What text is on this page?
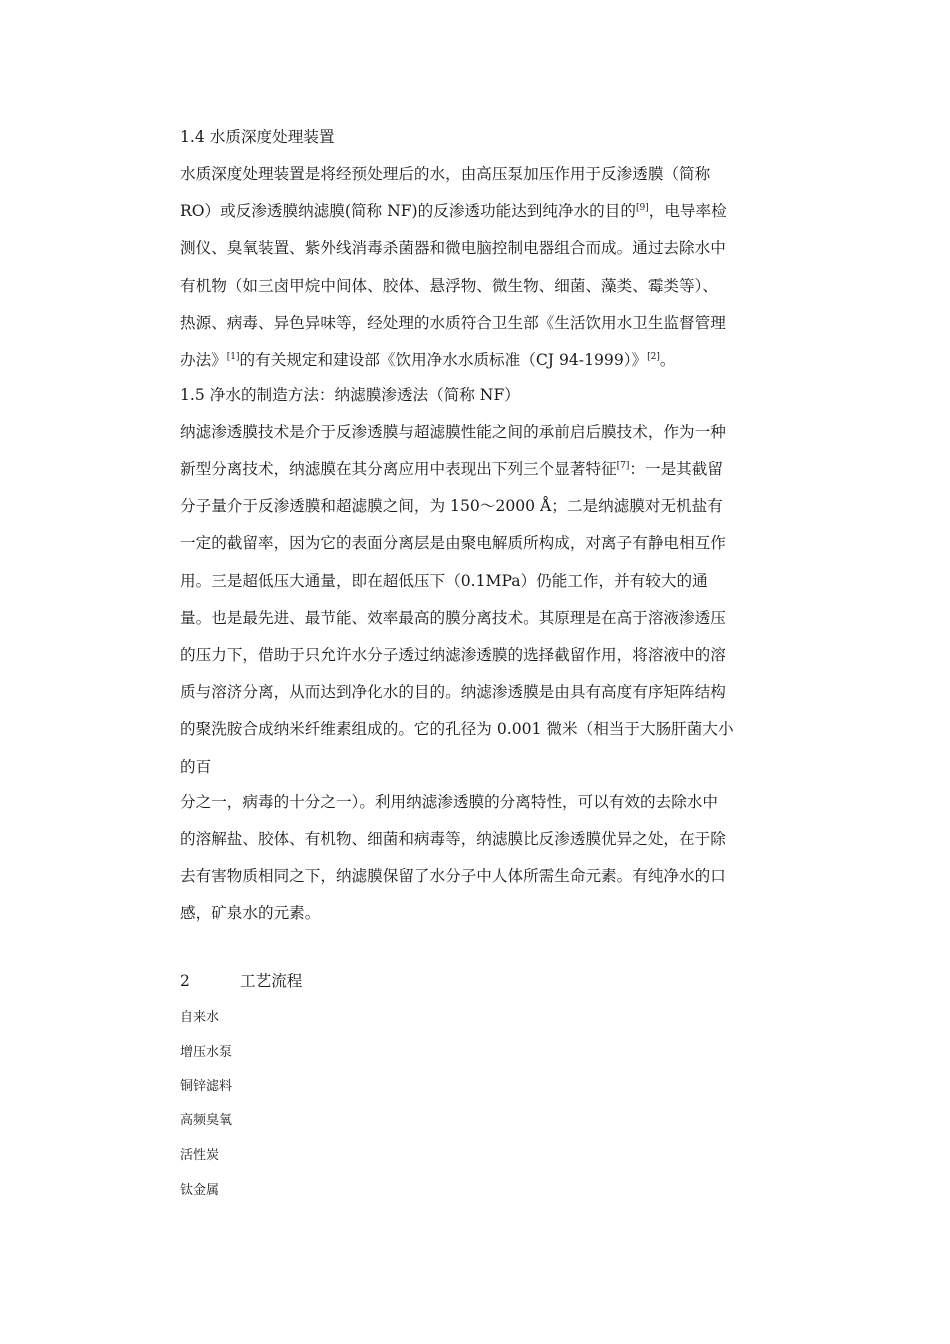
1.4 水质深度处理装置
水质深度处理装置是将经预处理后的水，由高压泵加压作用于反渗透膜（简称
RO）或反渗透膜纳滤膜(简称 NF)的反渗透功能达到纯净水的目的[9]，电导率检
测仪、臭氧装置、紫外线消毒杀菌器和微电脑控制电器组合而成。通过去除水中
有机物（如三卤甲烷中间体、胶体、悬浮物、微生物、细菌、藻类、霉类等）、
热源、病毒、异色异味等，经处理的水质符合卫生部《生活饮用水卫生监督管理
办法》[1]的有关规定和建设部《饮用净水水质标准（CJ 94-1999）》[2]。
1.5 净水的制造方法：纳滤膜渗透法（简称 NF）
纳滤渗透膜技术是介于反渗透膜与超滤膜性能之间的承前启后膜技术，作为一种
新型分离技术，纳滤膜在其分离应用中表现出下列三个显著特征[7]：一是其截留
分子量介于反渗透膜和超滤膜之间，为 150～2000 Å；二是纳滤膜对无机盐有
一定的截留率，因为它的表面分离层是由聚电解质所构成，对离子有静电相互作
用。三是超低压大通量，即在超低压下（0.1MPa）仍能工作，并有较大的通
量。也是最先进、最节能、效率最高的膜分离技术。其原理是在高于溶液渗透压
的压力下，借助于只允许水分子透过纳滤渗透膜的选择截留作用，将溶液中的溶
质与溶济分离，从而达到净化水的目的。纳滤渗透膜是由具有高度有序矩阵结构
的聚洗胺合成纳米纤维素组成的。它的孔径为 0.001 微米（相当于大肠肝菌大小
的百
分之一，病毒的十分之一）。利用纳滤渗透膜的分离特性，可以有效的去除水中
的溶解盐、胶体、有机物、细菌和病毒等，纳滤膜比反渗透膜优异之处，在于除
去有害物质相同之下，纳滤膜保留了水分子中人体所需生命元素。有纯净水的口
感，矿泉水的元素。
2	工艺流程
自来水
增压水泵
铜锌滤料
高频臭氧
活性炭
钛金属
